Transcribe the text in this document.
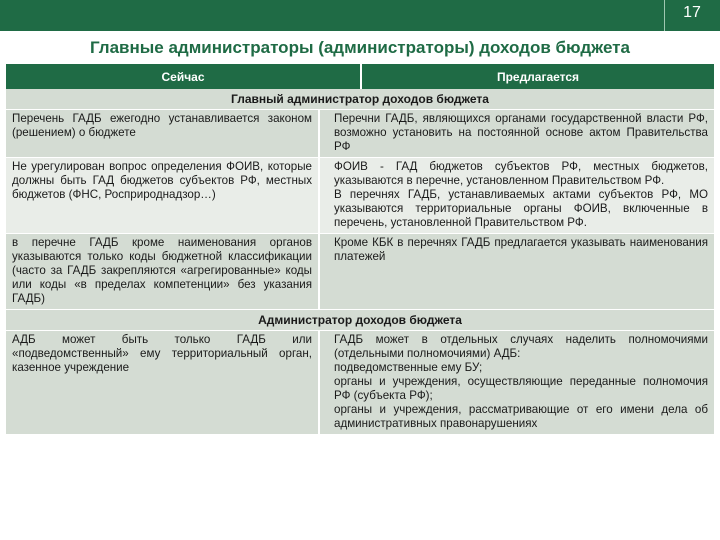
17
Главные администраторы (администраторы) доходов бюджета
Сейчас	Предлагается
Главный администратор доходов бюджета

Перечень ГАДБ ежегодно устанавливается законом (решением) о бюджете

Перечни ГАДБ, являющихся органами государственной власти РФ, возможно установить на постоянной основе актом Правительства РФ

Не урегулирован вопрос определения ФОИВ, которые должны быть ГАД бюджетов субъектов РФ, местных бюджетов (ФНС, Росприроднадзор…)

ФОИВ - ГАД бюджетов субъектов РФ, местных бюджетов, указываются в перечне, установленном Правительством РФ.

В перечнях ГАДБ, устанавливаемых актами субъектов РФ, МО указываются территориальные органы ФОИВ, включенные в перечень, установленной Правительством РФ.

в перечне ГАДБ кроме наименования органов указываются только коды бюджетной классификации (часто за ГАДБ закрепляются «агрегированные» коды или коды «в пределах компетенции» без указания ГАДБ)

Кроме КБК в перечнях ГАДБ предлагается указывать наименования платежей

Администратор доходов бюджета

АДБ может быть только ГАДБ или «подведомственный» ему территориальный орган, казенное учреждение

ГАДБ может в отдельных случаях наделить полномочиями (отдельными полномочиями) АДБ:

подведомственные ему БУ;

органы и учреждения, осуществляющие переданные полномочия РФ (субъекта РФ);

органы и учреждения, рассматривающие от его имени дела об административных правонарушениях
